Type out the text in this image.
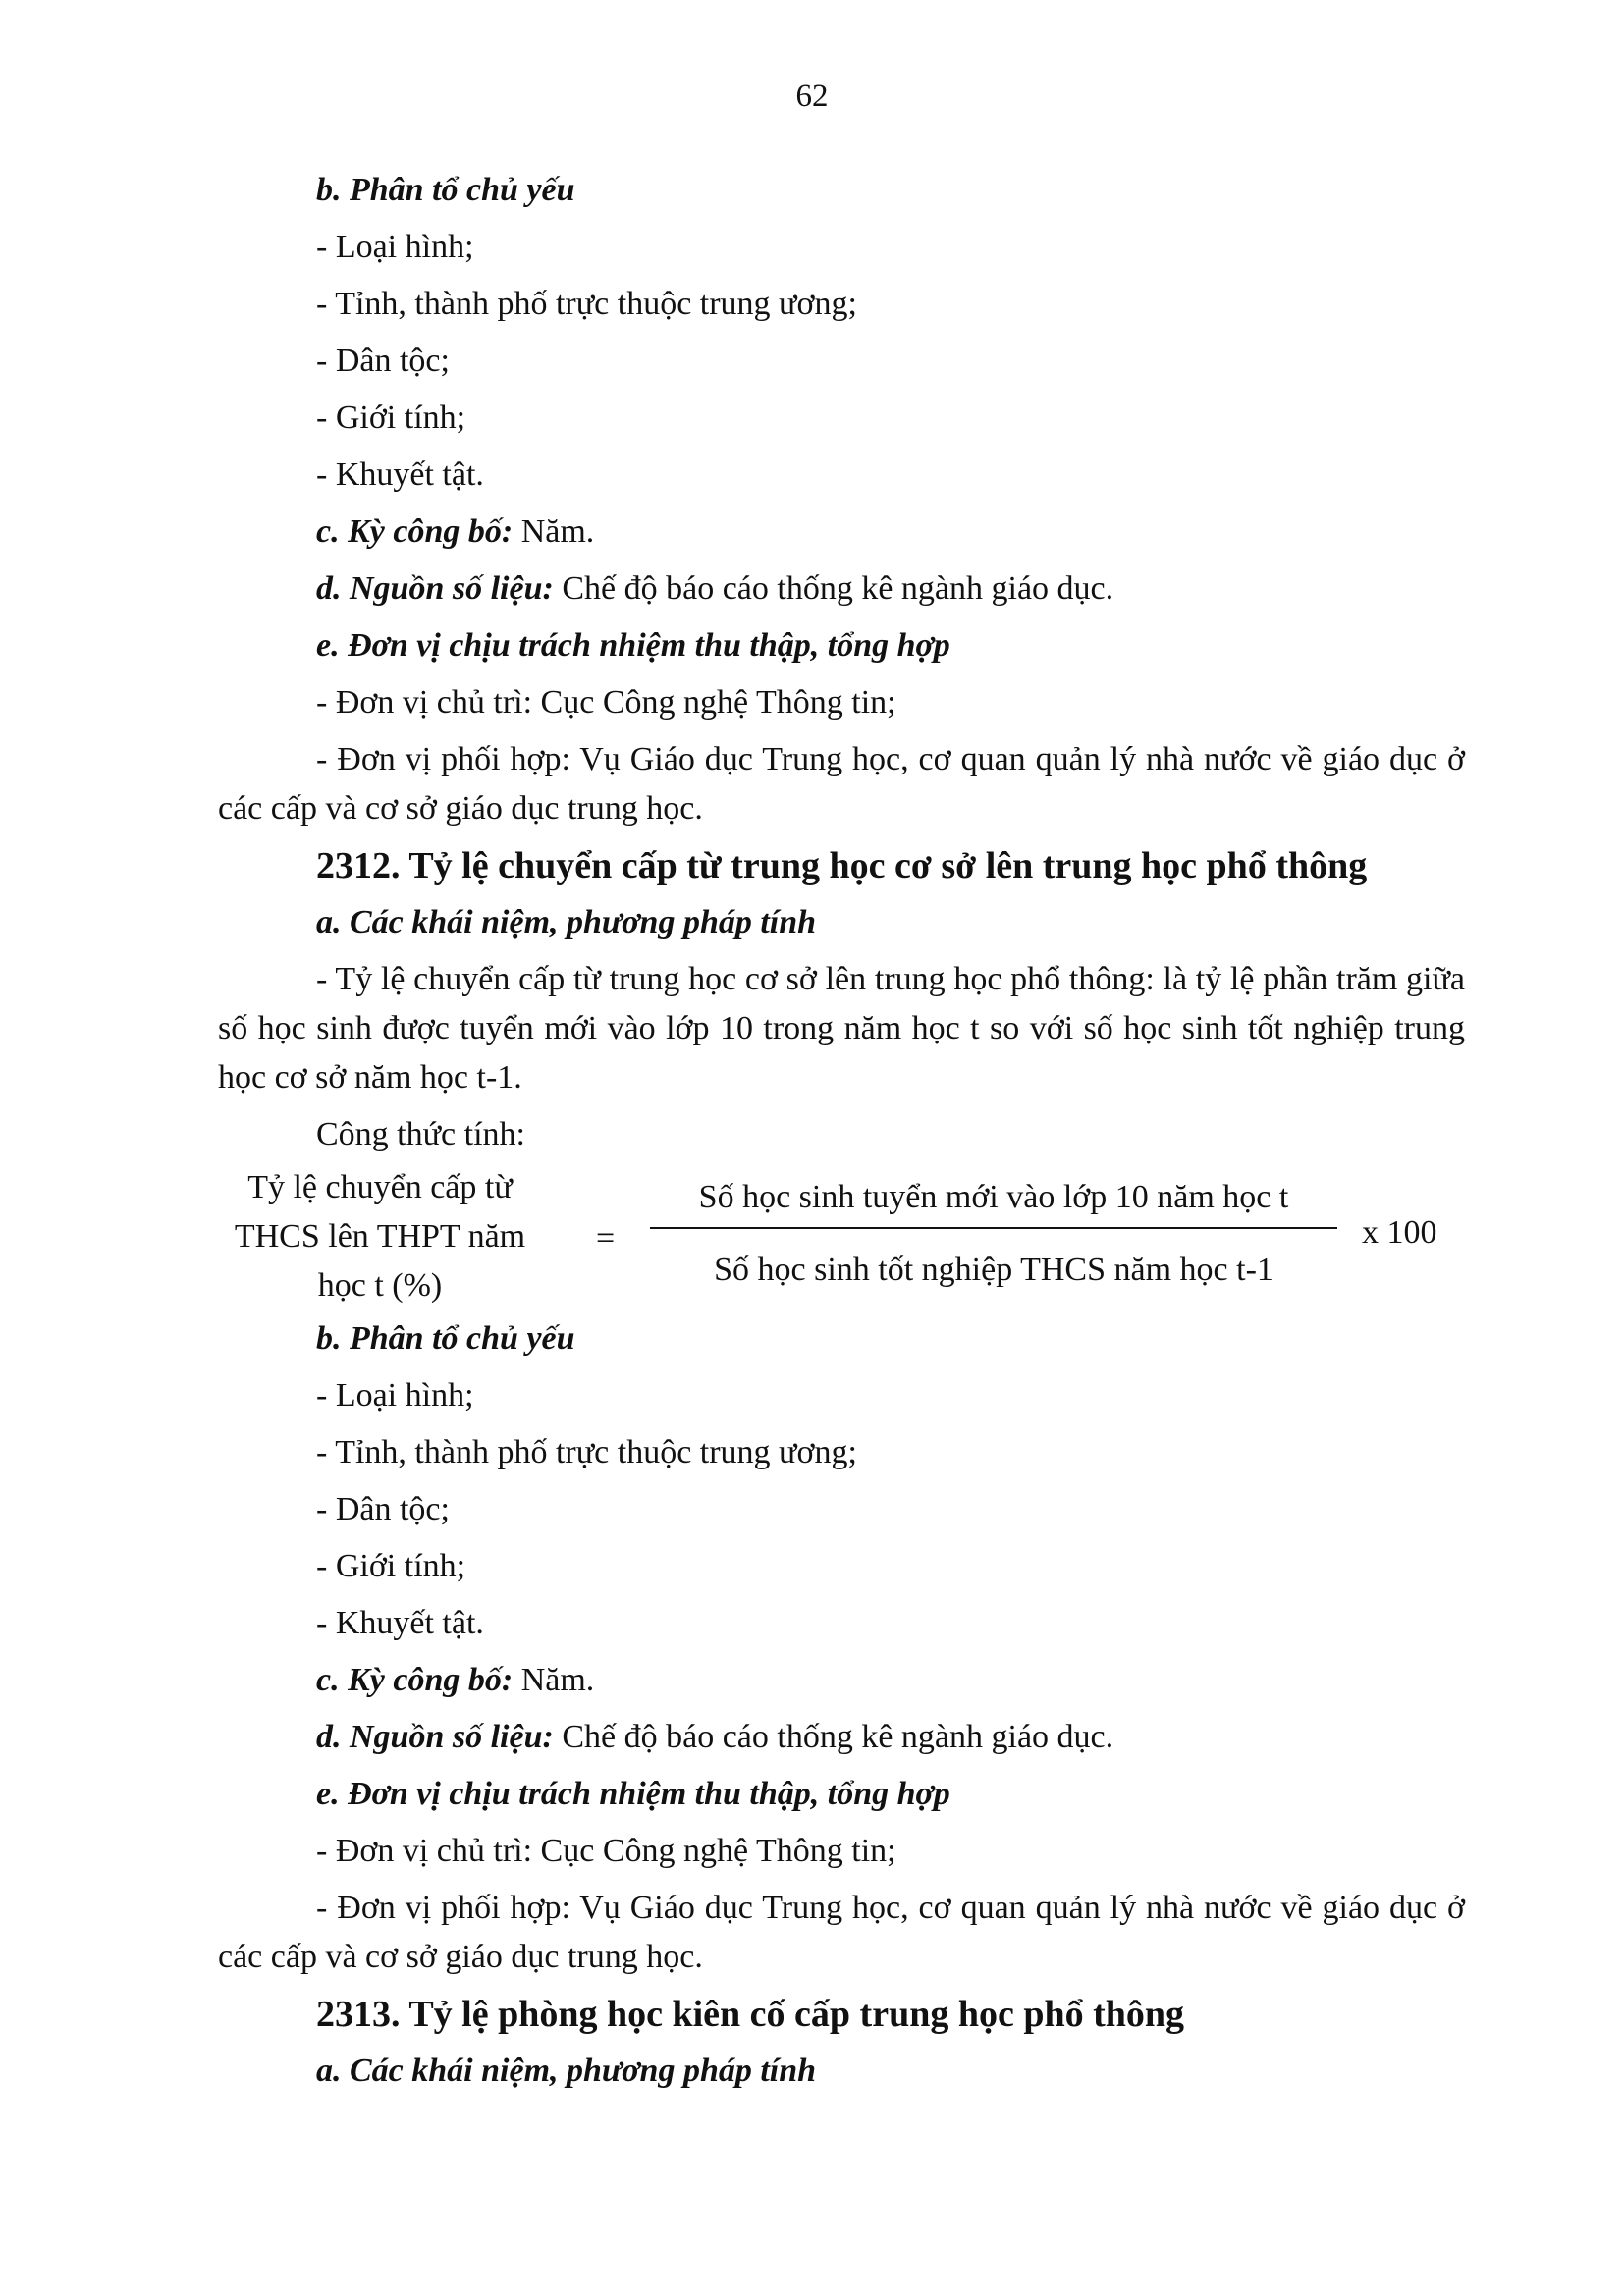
62

b. Phân tổ chủ yếu

- Loại hình;

- Tỉnh, thành phố trực thuộc trung ương;

- Dân tộc;

- Giới tính;

- Khuyết tật.

c. Kỳ công bố: Năm.

d. Nguồn số liệu: Chế độ báo cáo thống kê ngành giáo dục.

e. Đơn vị chịu trách nhiệm thu thập, tổng hợp

- Đơn vị chủ trì: Cục Công nghệ Thông tin;

- Đơn vị phối hợp: Vụ Giáo dục Trung học, cơ quan quản lý nhà nước về giáo dục ở các cấp và cơ sở giáo dục trung học.

2312. Tỷ lệ chuyển cấp từ trung học cơ sở lên trung học phổ thông

a. Các khái niệm, phương pháp tính

- Tỷ lệ chuyển cấp từ trung học cơ sở lên trung học phổ thông: là tỷ lệ phần trăm giữa số học sinh được tuyển mới vào lớp 10 trong năm học t so với số học sinh tốt nghiệp trung học cơ sở năm học t-1.

Công thức tính:

Tỷ lệ chuyển cấp từ
THCS lên THPT năm
học t (%)
=
Số học sinh tuyển mới vào lớp 10 năm học t
Số học sinh tốt nghiệp THCS năm học t-1
x 100

b. Phân tổ chủ yếu

- Loại hình;

- Tỉnh, thành phố trực thuộc trung ương;

- Dân tộc;

- Giới tính;

- Khuyết tật.

c. Kỳ công bố: Năm.

d. Nguồn số liệu: Chế độ báo cáo thống kê ngành giáo dục.

e. Đơn vị chịu trách nhiệm thu thập, tổng hợp

- Đơn vị chủ trì: Cục Công nghệ Thông tin;

- Đơn vị phối hợp: Vụ Giáo dục Trung học, cơ quan quản lý nhà nước về giáo dục ở các cấp và cơ sở giáo dục trung học.

2313. Tỷ lệ phòng học kiên cố cấp trung học phổ thông

a. Các khái niệm, phương pháp tính
